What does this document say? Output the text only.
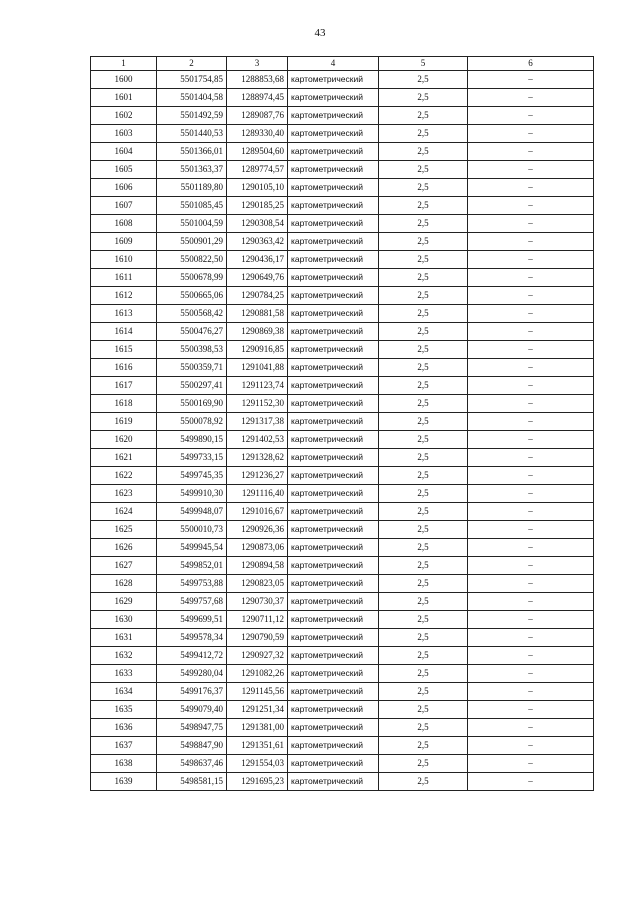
43
1	2	3	4	5	6
1600	5501754,85	1288853,68	картометрический	2,5	–
1601	5501404,58	1288974,45	картометрический	2,5	–
1602	5501492,59	1289087,76	картометрический	2,5	–
1603	5501440,53	1289330,40	картометрический	2,5	–
1604	5501366,01	1289504,60	картометрический	2,5	–
1605	5501363,37	1289774,57	картометрический	2,5	–
1606	5501189,80	1290105,10	картометрический	2,5	–
1607	5501085,45	1290185,25	картометрический	2,5	–
1608	5501004,59	1290308,54	картометрический	2,5	–
1609	5500901,29	1290363,42	картометрический	2,5	–
1610	5500822,50	1290436,17	картометрический	2,5	–
1611	5500678,99	1290649,76	картометрический	2,5	–
1612	5500665,06	1290784,25	картометрический	2,5	–
1613	5500568,42	1290881,58	картометрический	2,5	–
1614	5500476,27	1290869,38	картометрический	2,5	–
1615	5500398,53	1290916,85	картометрический	2,5	–
1616	5500359,71	1291041,88	картометрический	2,5	–
1617	5500297,41	1291123,74	картометрический	2,5	–
1618	5500169,90	1291152,30	картометрический	2,5	–
1619	5500078,92	1291317,38	картометрический	2,5	–
1620	5499890,15	1291402,53	картометрический	2,5	–
1621	5499733,15	1291328,62	картометрический	2,5	–
1622	5499745,35	1291236,27	картометрический	2,5	–
1623	5499910,30	1291116,40	картометрический	2,5	–
1624	5499948,07	1291016,67	картометрический	2,5	–
1625	5500010,73	1290926,36	картометрический	2,5	–
1626	5499945,54	1290873,06	картометрический	2,5	–
1627	5499852,01	1290894,58	картометрический	2,5	–
1628	5499753,88	1290823,05	картометрический	2,5	–
1629	5499757,68	1290730,37	картометрический	2,5	–
1630	5499699,51	1290711,12	картометрический	2,5	–
1631	5499578,34	1290790,59	картометрический	2,5	–
1632	5499412,72	1290927,32	картометрический	2,5	–
1633	5499280,04	1291082,26	картометрический	2,5	–
1634	5499176,37	1291145,56	картометрический	2,5	–
1635	5499079,40	1291251,34	картометрический	2,5	–
1636	5498947,75	1291381,00	картометрический	2,5	–
1637	5498847,90	1291351,61	картометрический	2,5	–
1638	5498637,46	1291554,03	картометрический	2,5	–
1639	5498581,15	1291695,23	картометрический	2,5	–
